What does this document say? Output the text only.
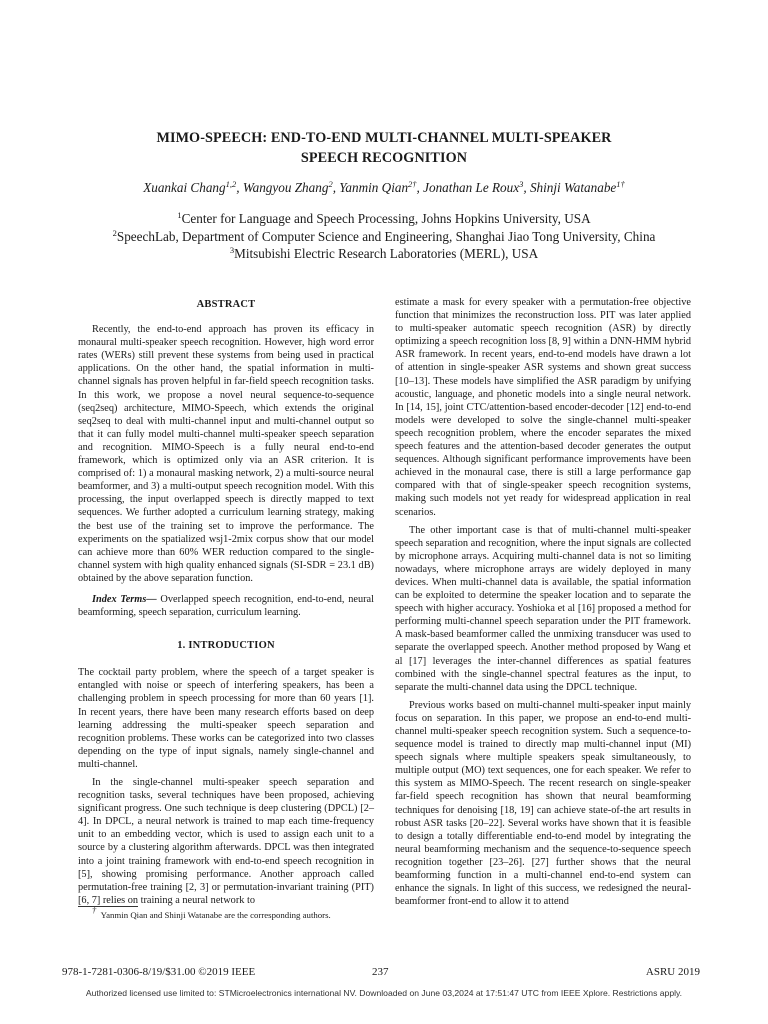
MIMO-SPEECH: END-TO-END MULTI-CHANNEL MULTI-SPEAKER
SPEECH RECOGNITION
Xuankai Chang$^{1,2}$, Wangyou Zhang$^2$, Yanmin Qian$^{2\dagger}$, Jonathan Le Roux$^3$, Shinji Watanabe$^{1\dagger}$
$^1$Center for Language and Speech Processing, Johns Hopkins University, USA
$^2$SpeechLab, Department of Computer Science and Engineering, Shanghai Jiao Tong University, China
$^3$Mitsubishi Electric Research Laboratories (MERL), USA
ABSTRACT

Recently, the end-to-end approach has proven its efficacy in monaural multi-speaker speech recognition. However, high word error rates (WERs) still prevent these systems from being used in practical applications. On the other hand, the spatial information in multi-channel signals has proven helpful in far-field speech recognition tasks. In this work, we propose a novel neural sequence-to-sequence (seq2seq) architecture, MIMO-Speech, which extends the original seq2seq to deal with multi-channel input and multi-channel output so that it can fully model multi-channel multi-speaker speech separation and recognition. MIMO-Speech is a fully neural end-to-end framework, which is optimized only via an ASR criterion. It is comprised of: 1) a monaural masking network, 2) a multi-source neural beamformer, and 3) a multi-output speech recognition model. With this processing, the input overlapped speech is directly mapped to text sequences. We further adopted a curriculum learning strategy, making the best use of the training set to improve the performance. The experiments on the spatialized wsj1-2mix corpus show that our model can achieve more than 60% WER reduction compared to the single-channel system with high quality enhanced signals (SI-SDR = 23.1 dB) obtained by the above separation function.

Index Terms— Overlapped speech recognition, end-to-end, neural beamforming, speech separation, curriculum learning.

1. INTRODUCTION

The cocktail party problem, where the speech of a target speaker is entangled with noise or speech of interfering speakers, has been a challenging problem in speech processing for more than 60 years [1]. In recent years, there have been many research efforts based on deep learning addressing the multi-speaker speech separation and recognition problems. These works can be categorized into two classes depending on the type of input signals, namely single-channel and multi-channel.

In the single-channel multi-speaker speech separation and recognition tasks, several techniques have been proposed, achieving significant progress. One such technique is deep clustering (DPCL) [2–4]. In DPCL, a neural network is trained to map each time-frequency unit to an embedding vector, which is used to assign each unit to a source by a clustering algorithm afterwards. DPCL was then integrated into a joint training framework with end-to-end speech recognition in [5], showing promising performance. Another approach called permutation-free training [2, 3] or permutation-invariant training (PIT) [6, 7] relies on training a neural network to

estimate a mask for every speaker with a permutation-free objective function that minimizes the reconstruction loss. PIT was later applied to multi-speaker automatic speech recognition (ASR) by directly optimizing a speech recognition loss [8, 9] within a DNN-HMM hybrid ASR framework. In recent years, end-to-end models have drawn a lot of attention in single-speaker ASR systems and shown great success [10–13]. These models have simplified the ASR paradigm by unifying acoustic, language, and phonetic models into a single neural network. In [14, 15], joint CTC/attention-based encoder-decoder [12] end-to-end models were developed to solve the single-channel multi-speaker speech recognition problem, where the encoder separates the mixed speech features and the attention-based decoder generates the output sequences. Although significant performance improvements have been achieved in the monaural case, there is still a large performance gap compared with that of single-speaker speech recognition systems, making such models not yet ready for widespread application in real scenarios.

The other important case is that of multi-channel multi-speaker speech separation and recognition, where the input signals are collected by microphone arrays. Acquiring multi-channel data is not so limiting nowadays, where microphone arrays are widely deployed in many devices. When multi-channel data is available, the spatial information can be exploited to determine the speaker location and to separate the speech with higher accuracy. Yoshioka et al [16] proposed a method for performing multi-channel speech separation under the PIT framework. A mask-based beamformer called the unmixing transducer was used to separate the overlapped speech. Another method proposed by Wang et al [17] leverages the inter-channel differences as spatial features combined with the single-channel spectral features as the input, to separate the multi-channel data using the DPCL technique.

Previous works based on multi-channel multi-speaker input mainly focus on separation. In this paper, we propose an end-to-end multi-channel multi-speaker speech recognition system. Such a sequence-to-sequence model is trained to directly map multi-channel input (MI) speech signals where multiple speakers speak simultaneously, to multiple output (MO) text sequences, one for each speaker. We refer to this system as MIMO-Speech. The recent research on single-speaker far-field speech recognition has shown that neural beamforming techniques for denoising [18, 19] can achieve state-of-the art results in robust ASR tasks [20–22]. Several works have shown that it is feasible to design a totally differentiable end-to-end model by integrating the neural beamforming mechanism and the sequence-to-sequence speech recognition together [23–26]. [27] further shows that the neural beamforming function in a multi-channel end-to-end system can enhance the signals. In light of this success, we redesigned the neural-beamformer front-end to allow it to attend

† Yanmin Qian and Shinji Watanabe are the corresponding authors.
978-1-7281-0306-8/19/$31.00 ©2019 IEEE	237	ASRU 2019
Authorized licensed use limited to: STMicroelectronics international NV. Downloaded on June 03,2024 at 17:51:47 UTC from IEEE Xplore. Restrictions apply.
